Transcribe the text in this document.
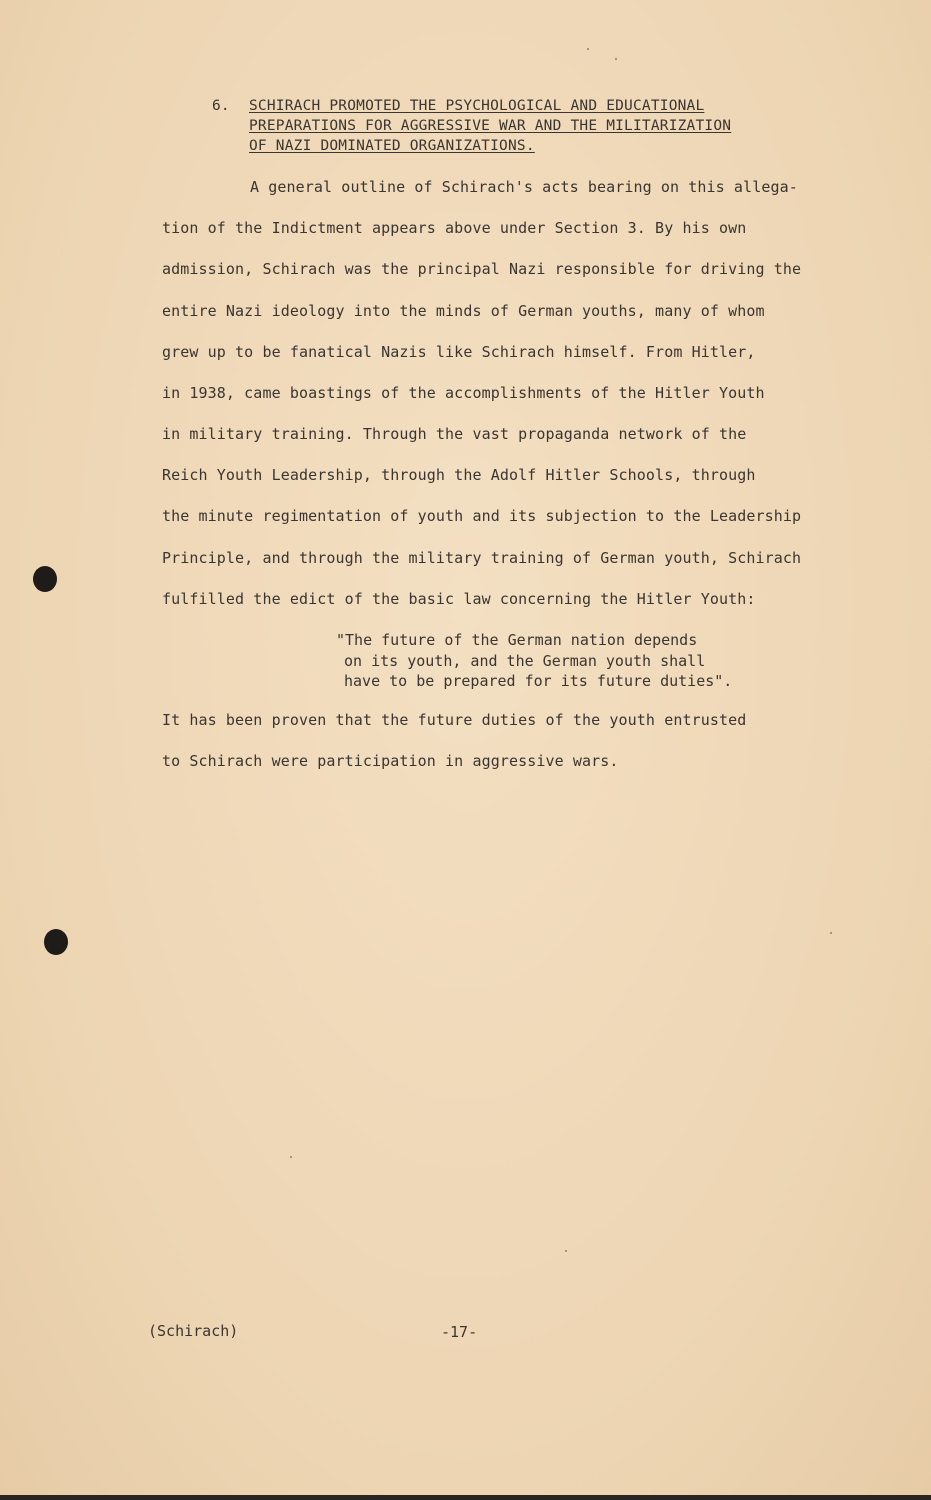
6. SCHIRACH PROMOTED THE PSYCHOLOGICAL AND EDUCATIONAL
PREPARATIONS FOR AGGRESSIVE WAR AND THE MILITARIZATION
OF NAZI DOMINATED ORGANIZATIONS.
A general outline of Schirach's acts bearing on this allega-
tion of the Indictment appears above under Section 3. By his own
admission, Schirach was the principal Nazi responsible for driving the
entire Nazi ideology into the minds of German youths, many of whom
grew up to be fanatical Nazis like Schirach himself. From Hitler,
in 1938, came boastings of the accomplishments of the Hitler Youth
in military training. Through the vast propaganda network of the
Reich Youth Leadership, through the Adolf Hitler Schools, through
the minute regimentation of youth and its subjection to the Leadership
Principle, and through the military training of German youth, Schirach
fulfilled the edict of the basic law concerning the Hitler Youth:
"The future of the German nation depends
on its youth, and the German youth shall
have to be prepared for its future duties".
It has been proven that the future duties of the youth entrusted
to Schirach were participation in aggressive wars.
(Schirach)	-17-
